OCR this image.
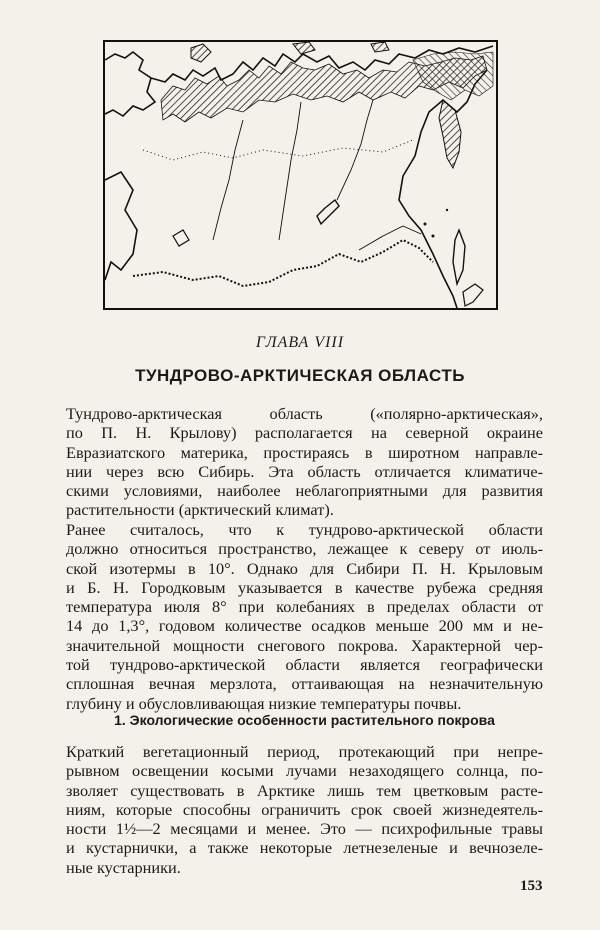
ГЛАВА VIII
ТУНДРОВО-АРКТИЧЕСКАЯ ОБЛАСТЬ
Тундрово-арктическая область («полярно-арктическая»,
по П. Н. Крылову) располагается на северной окраине
Евразиатского материка, простираясь в широтном направле-
нии через всю Сибирь. Эта область отличается климатиче-
скими условиями, наиболее неблагоприятными для развития
растительности (арктический климат).
Ранее считалось, что к тундрово-арктической области
должно относиться пространство, лежащее к северу от июль-
ской изотермы в 10°. Однако для Сибири П. Н. Крыловым
и Б. Н. Городковым указывается в качестве рубежа средняя
температура июля 8° при колебаниях в пределах области от
14 до 1,3°, годовом количестве осадков меньше 200 мм и не-
значительной мощности снегового покрова. Характерной чер-
той тундрово-арктической области является географически
сплошная вечная мерзлота, оттаивающая на незначительную
глубину и обусловливающая низкие температуры почвы.
1. Экологические особенности растительного покрова
Краткий вегетационный период, протекающий при непре-
рывном освещении косыми лучами незаходящего солнца, по-
зволяет существовать в Арктике лишь тем цветковым расте-
ниям, которые способны ограничить срок своей жизнедеятель-
ности 1½—2 месяцами и менее. Это — психрофильные травы
и кустарнички, а также некоторые летнезеленые и вечнозеле-
ные кустарники.
153
